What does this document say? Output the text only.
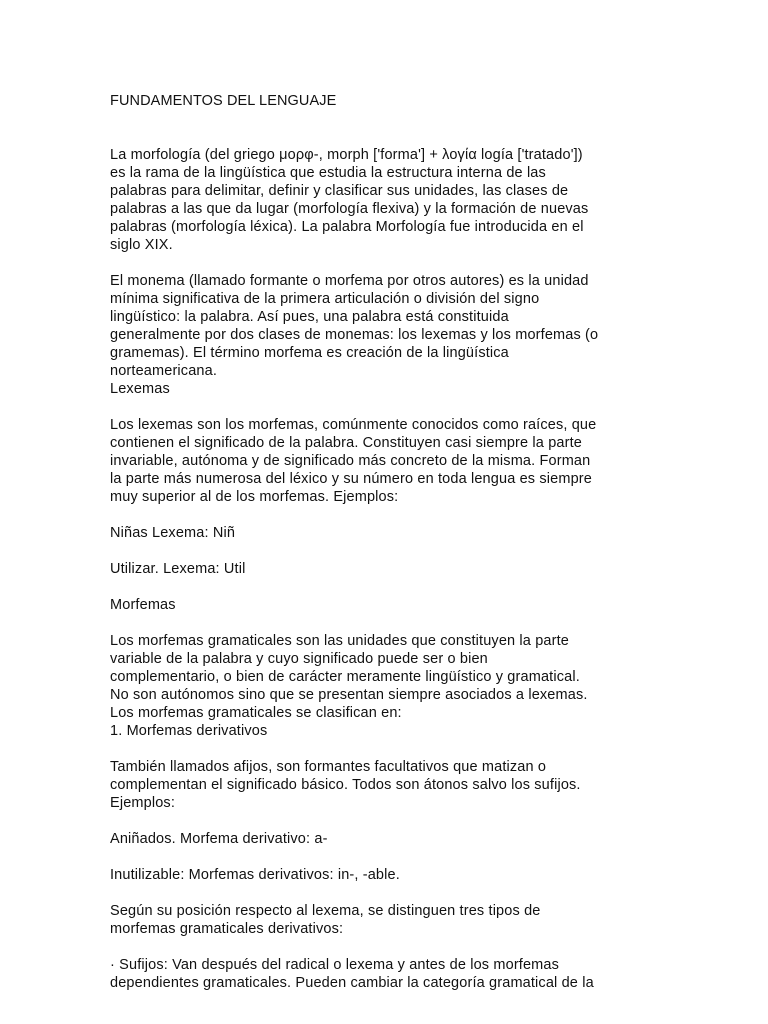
FUNDAMENTOS DEL LENGUAJE
La morfología (del griego μορφ-, morph ['forma'] + λογία logía ['tratado'])
es la rama de la lingüística que estudia la estructura interna de las
palabras para delimitar, definir y clasificar sus unidades, las clases de
palabras a las que da lugar (morfología flexiva) y la formación de nuevas
palabras (morfología léxica). La palabra Morfología fue introducida en el
siglo XIX.
El monema (llamado formante o morfema por otros autores) es la unidad
mínima significativa de la primera articulación o división del signo
lingüístico: la palabra. Así pues, una palabra está constituida
generalmente por dos clases de monemas: los lexemas y los morfemas (o
gramemas). El término morfema es creación de la lingüística
norteamericana.
Lexemas
Los lexemas son los morfemas, comúnmente conocidos como raíces, que
contienen el significado de la palabra. Constituyen casi siempre la parte
invariable, autónoma y de significado más concreto de la misma. Forman
la parte más numerosa del léxico y su número en toda lengua es siempre
muy superior al de los morfemas. Ejemplos:
Niñas Lexema: Niñ
Utilizar. Lexema: Util
Morfemas
Los morfemas gramaticales son las unidades que constituyen la parte
variable de la palabra y cuyo significado puede ser o bien
complementario, o bien de carácter meramente lingüístico y gramatical.
No son autónomos sino que se presentan siempre asociados a lexemas.
Los morfemas gramaticales se clasifican en:
1. Morfemas derivativos
También llamados afijos, son formantes facultativos que matizan o
complementan el significado básico. Todos son átonos salvo los sufijos.
Ejemplos:
Aniñados. Morfema derivativo: a-
Inutilizable: Morfemas derivativos: in-, -able.
Según su posición respecto al lexema, se distinguen tres tipos de
morfemas gramaticales derivativos:
· Sufijos: Van después del radical o lexema y antes de los morfemas
dependientes gramaticales. Pueden cambiar la categoría gramatical de la
